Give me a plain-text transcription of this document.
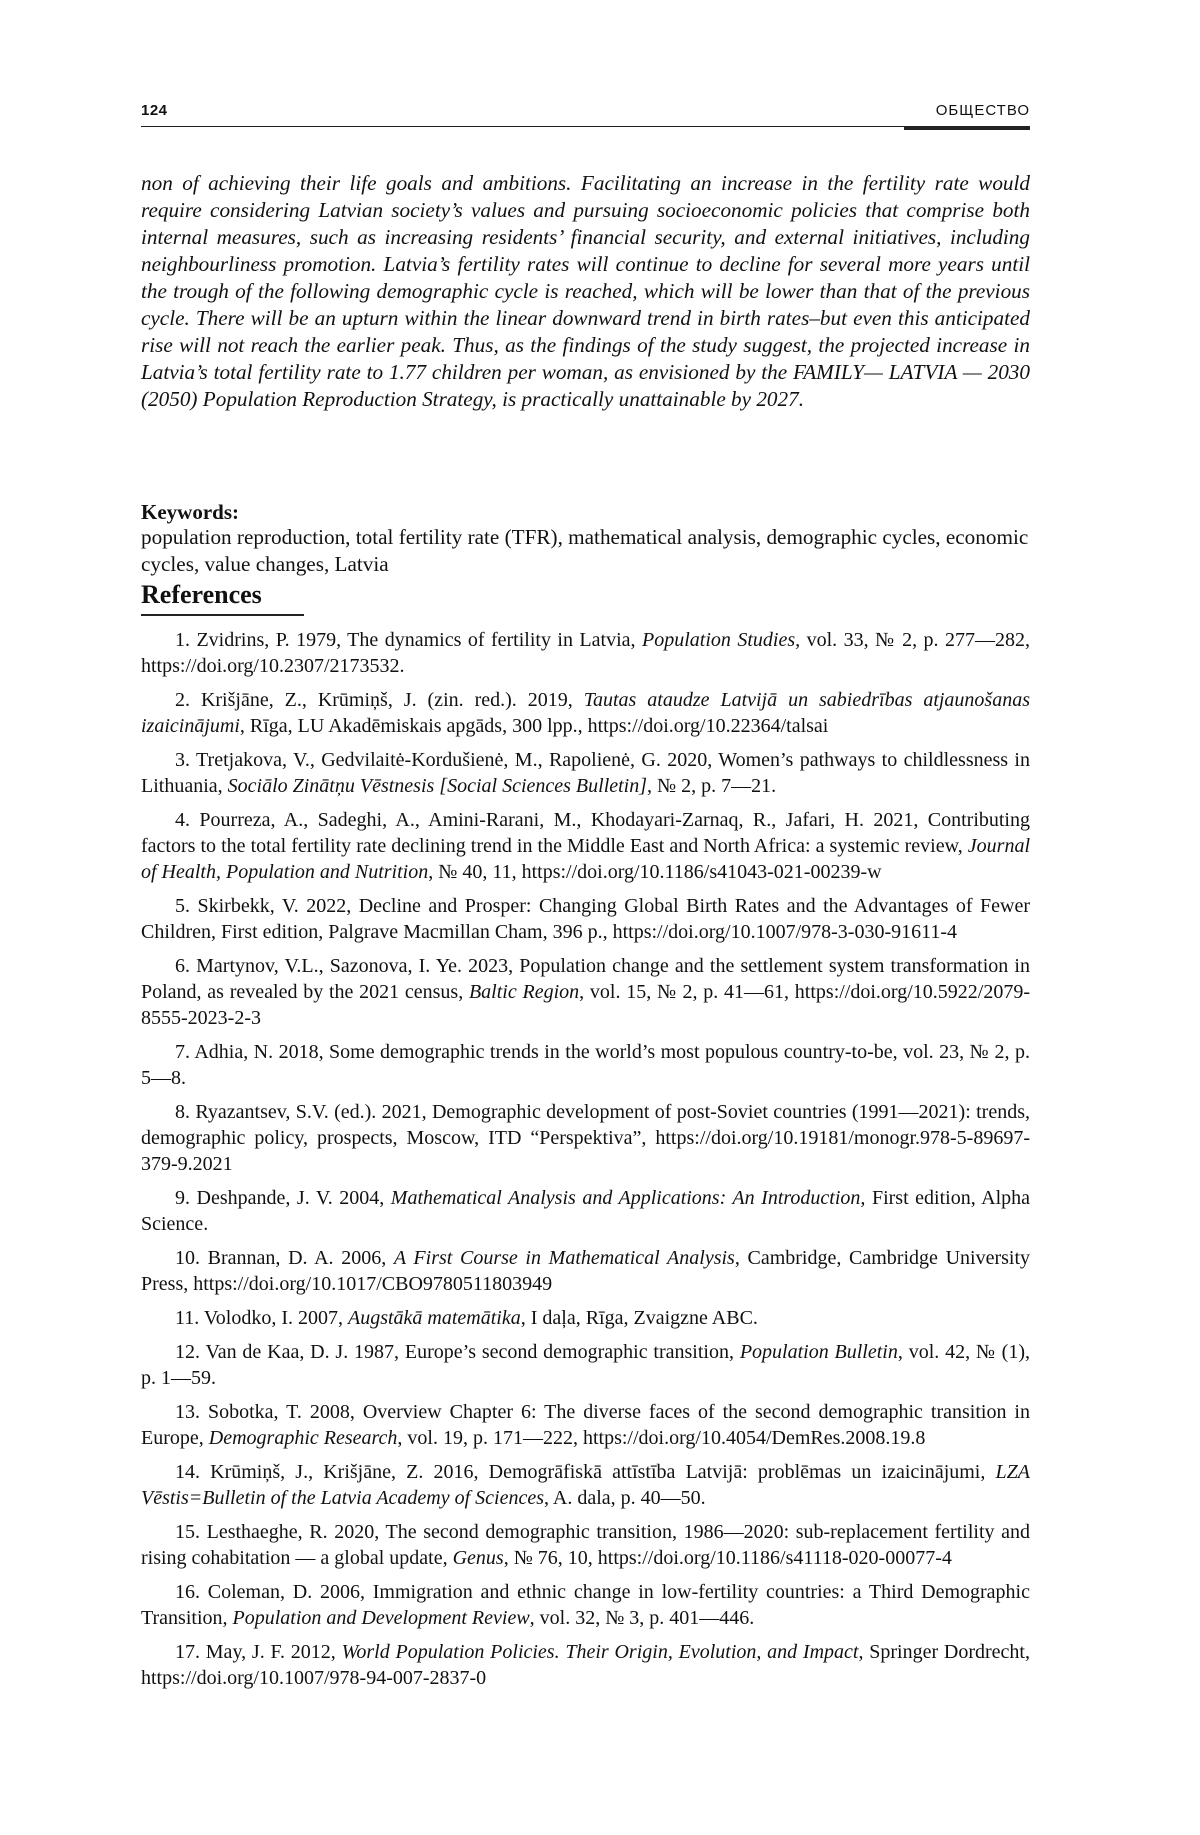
124	ОБЩЕСТВО

non of achieving their life goals and ambitions. Facilitating an increase in the fertility rate would require considering Latvian society’s values and pursuing socioeconomic policies that comprise both internal measures, such as increasing residents’ financial security, and external initiatives, including neighbourliness promotion. Latvia’s fertility rates will continue to decline for several more years until the trough of the following demographic cycle is reached, which will be lower than that of the previous cycle. There will be an upturn within the linear downward trend in birth rates–but even this anticipated rise will not reach the earlier peak. Thus, as the findings of the study suggest, the projected increase in Latvia’s total fertility rate to 1.77 children per woman, as envisioned by the FAMILY— LATVIA — 2030 (2050) Population Reproduction Strategy, is practically unattainable by 2027.

Keywords:

population reproduction, total fertility rate (TFR), mathematical analysis, demographic cycles, economic cycles, value changes, Latvia

References
1. Zvidrins, P. 1979, The dynamics of fertility in Latvia, Population Studies, vol. 33, № 2, p. 277—282, https://doi.org/10.2307/2173532.
2. Krišjāne, Z., Krūmiņš, J. (zin. red.). 2019, Tautas ataudze Latvijā un sabiedrības atjaunošanas izaicinājumi, Rīga, LU Akadēmiskais apgāds, 300 lpp., https://doi.org/10.22364/talsai
3. Tretjakova, V., Gedvilaitė-Kordušienė, M., Rapolienė, G. 2020, Women’s pathways to childlessness in Lithuania, Sociālo Zinātņu Vēstnesis [Social Sciences Bulletin], № 2, p. 7—21.
4. Pourreza, A., Sadeghi, A., Amini-Rarani, M., Khodayari-Zarnaq, R., Jafari, H. 2021, Contributing factors to the total fertility rate declining trend in the Middle East and North Africa: a systemic review, Journal of Health, Population and Nutrition, № 40, 11, https://doi.org/10.1186/s41043-021-00239-w
5. Skirbekk, V. 2022, Decline and Prosper: Changing Global Birth Rates and the Advantages of Fewer Children, First edition, Palgrave Macmillan Cham, 396 p., https://doi.org/10.1007/978-3-030-91611-4
6. Martynov, V.L., Sazonova, I. Ye. 2023, Population change and the settlement system transformation in Poland, as revealed by the 2021 census, Baltic Region, vol. 15, № 2, p. 41—61, https://doi.org/10.5922/2079-8555-2023-2-3
7. Adhia, N. 2018, Some demographic trends in the world’s most populous country-to-be, vol. 23, № 2, p. 5—8.
8. Ryazantsev, S.V. (ed.). 2021, Demographic development of post-Soviet countries (1991—2021): trends, demographic policy, prospects, Moscow, ITD “Perspektiva”, https://doi.org/10.19181/monogr.978-5-89697-379-9.2021
9. Deshpande, J. V. 2004, Mathematical Analysis and Applications: An Introduction, First edition, Alpha Science.
10. Brannan, D. A. 2006, A First Course in Mathematical Analysis, Cambridge, Cambridge University Press, https://doi.org/10.1017/CBO9780511803949
11. Volodko, I. 2007, Augstākā matemātika, I daļa, Rīga, Zvaigzne ABC.
12. Van de Kaa, D. J. 1987, Europe’s second demographic transition, Population Bulletin, vol. 42, № (1), p. 1—59.
13. Sobotka, T. 2008, Overview Chapter 6: The diverse faces of the second demographic transition in Europe, Demographic Research, vol. 19, p. 171—222, https://doi.org/10.4054/DemRes.2008.19.8
14. Krūmiņš, J., Krišjāne, Z. 2016, Demogrāfiskā attīstība Latvijā: problēmas un izaicinājumi, LZA Vēstis=Bulletin of the Latvia Academy of Sciences, A. dala, p. 40—50.
15. Lesthaeghe, R. 2020, The second demographic transition, 1986—2020: sub-replacement fertility and rising cohabitation — a global update, Genus, № 76, 10, https://doi.org/10.1186/s41118-020-00077-4
16. Coleman, D. 2006, Immigration and ethnic change in low-fertility countries: a Third Demographic Transition, Population and Development Review, vol. 32, № 3, p. 401—446.
17. May, J. F. 2012, World Population Policies. Their Origin, Evolution, and Impact, Springer Dordrecht, https://doi.org/10.1007/978-94-007-2837-0
